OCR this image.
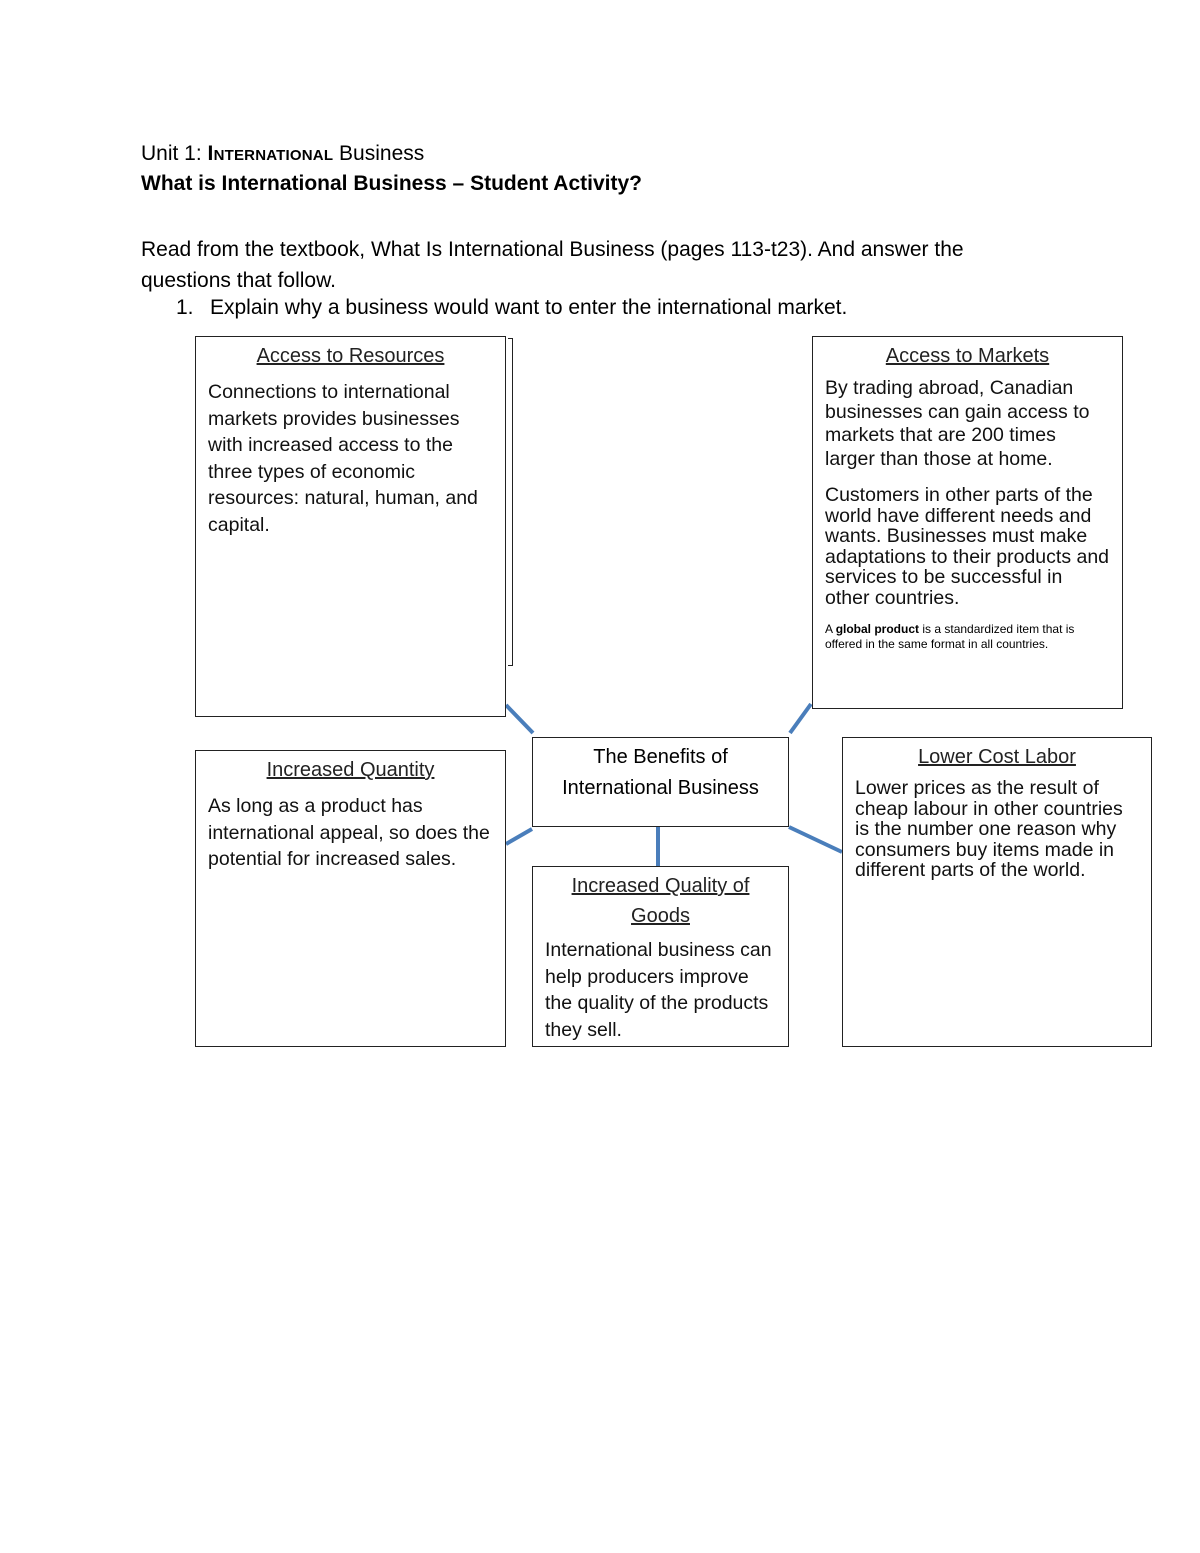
Unit 1: International Business
What is International Business – Student Activity?
Read from the textbook, What Is International Business (pages 113-t23). And answer the questions that follow.
1. Explain why a business would want to enter the international market.
Access to Resources
Connections to international markets provides businesses with increased access to the three types of economic resources: natural, human, and capital.
Access to Markets
By trading abroad, Canadian businesses can gain access to markets that are 200 times larger than those at home.
Customers in other parts of the world have different needs and wants. Businesses must make adaptations to their products and services to be successful in other countries.
A global product is a standardized item that is offered in the same format in all countries.
The Benefits of
International Business
Increased Quantity
As long as a product has international appeal, so does the potential for increased sales.
Increased Quality of Goods
International business can help producers improve the quality of the products they sell.
Lower Cost Labor
Lower prices as the result of cheap labour in other countries is the number one reason why consumers buy items made in different parts of the world.
